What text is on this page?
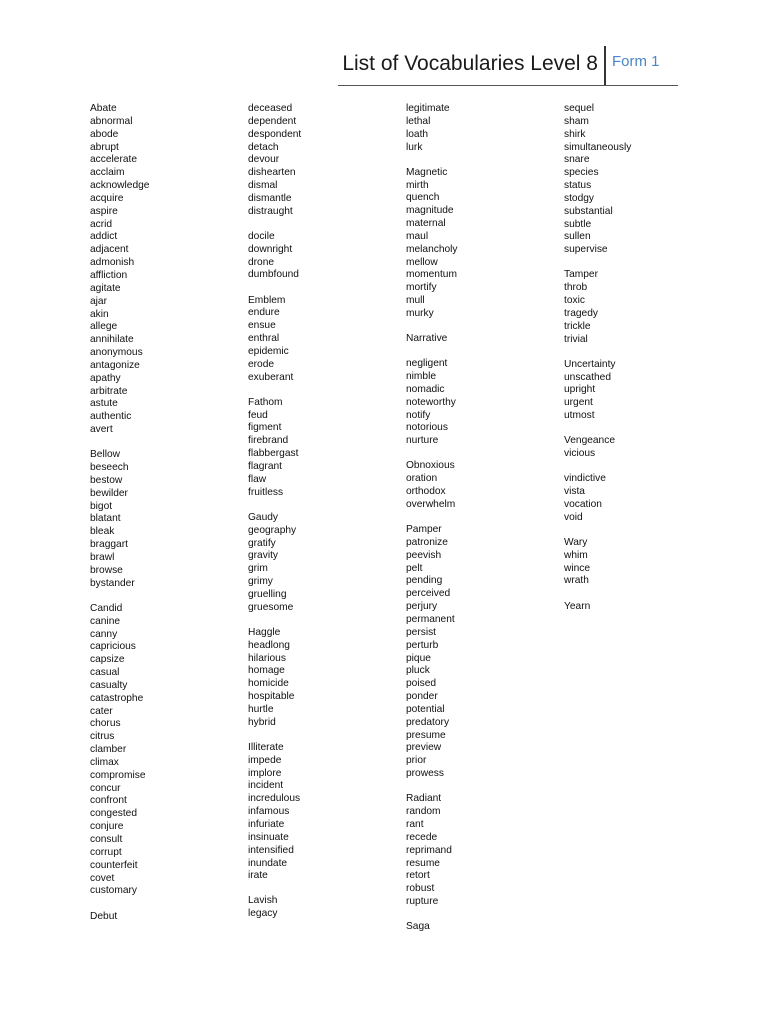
List of Vocabularies Level 8 Form 1
Abate
abnormal
abode
abrupt
accelerate
acclaim
acknowledge
acquire
aspire
acrid
addict
adjacent
admonish
affliction
agitate
ajar
akin
allege
annihilate
anonymous
antagonize
apathy
arbitrate
astute
authentic
avert
Bellow
beseech
bestow
bewilder
bigot
blatant
bleak
braggart
brawl
browse
bystander
Candid
canine
canny
capricious
capsize
casual
casualty
catastrophe
cater
chorus
citrus
clamber
climax
compromise
concur
confront
congested
conjure
consult
corrupt
counterfeit
covet
customary
Debut
deceased
dependent
despondent
detach
devour
dishearten
dismal
dismantle
distraught
docile
downright
drone
dumbfound
Emblem
endure
ensue
enthral
epidemic
erode
exuberant
Fathom
feud
figment
firebrand
flabbergast
flagrant
flaw
fruitless
Gaudy
geography
gratify
gravity
grim
grimy
gruelling
gruesome
Haggle
headlong
hilarious
homage
homicide
hospitable
hurtle
hybrid
Illiterate
impede
implore
incident
incredulous
infamous
infuriate
insinuate
intensified
inundate
irate
Lavish
legacy
legitimate
lethal
loath
lurk
Magnetic
mirth
quench
magnitude
maternal
maul
melancholy
mellow
momentum
mortify
mull
murky
Narrative
negligent
nimble
nomadic
noteworthy
notify
notorious
nurture
Obnoxious
oration
orthodox
overwhelm
Pamper
patronize
peevish
pelt
pending
perceived
perjury
permanent
persist
perturb
pique
pluck
poised
ponder
potential
predatory
presume
preview
prior
prowess
Radiant
random
rant
recede
reprimand
resume
retort
robust
rupture
Saga
sequel
sham
shirk
simultaneously
snare
species
status
stodgy
substantial
subtle
sullen
supervise
Tamper
throb
toxic
tragedy
trickle
trivial
Uncertainty
unscathed
upright
urgent
utmost
Vengeance
vicious
vindictive
vista
vocation
void
Wary
whim
wince
wrath
Yearn
